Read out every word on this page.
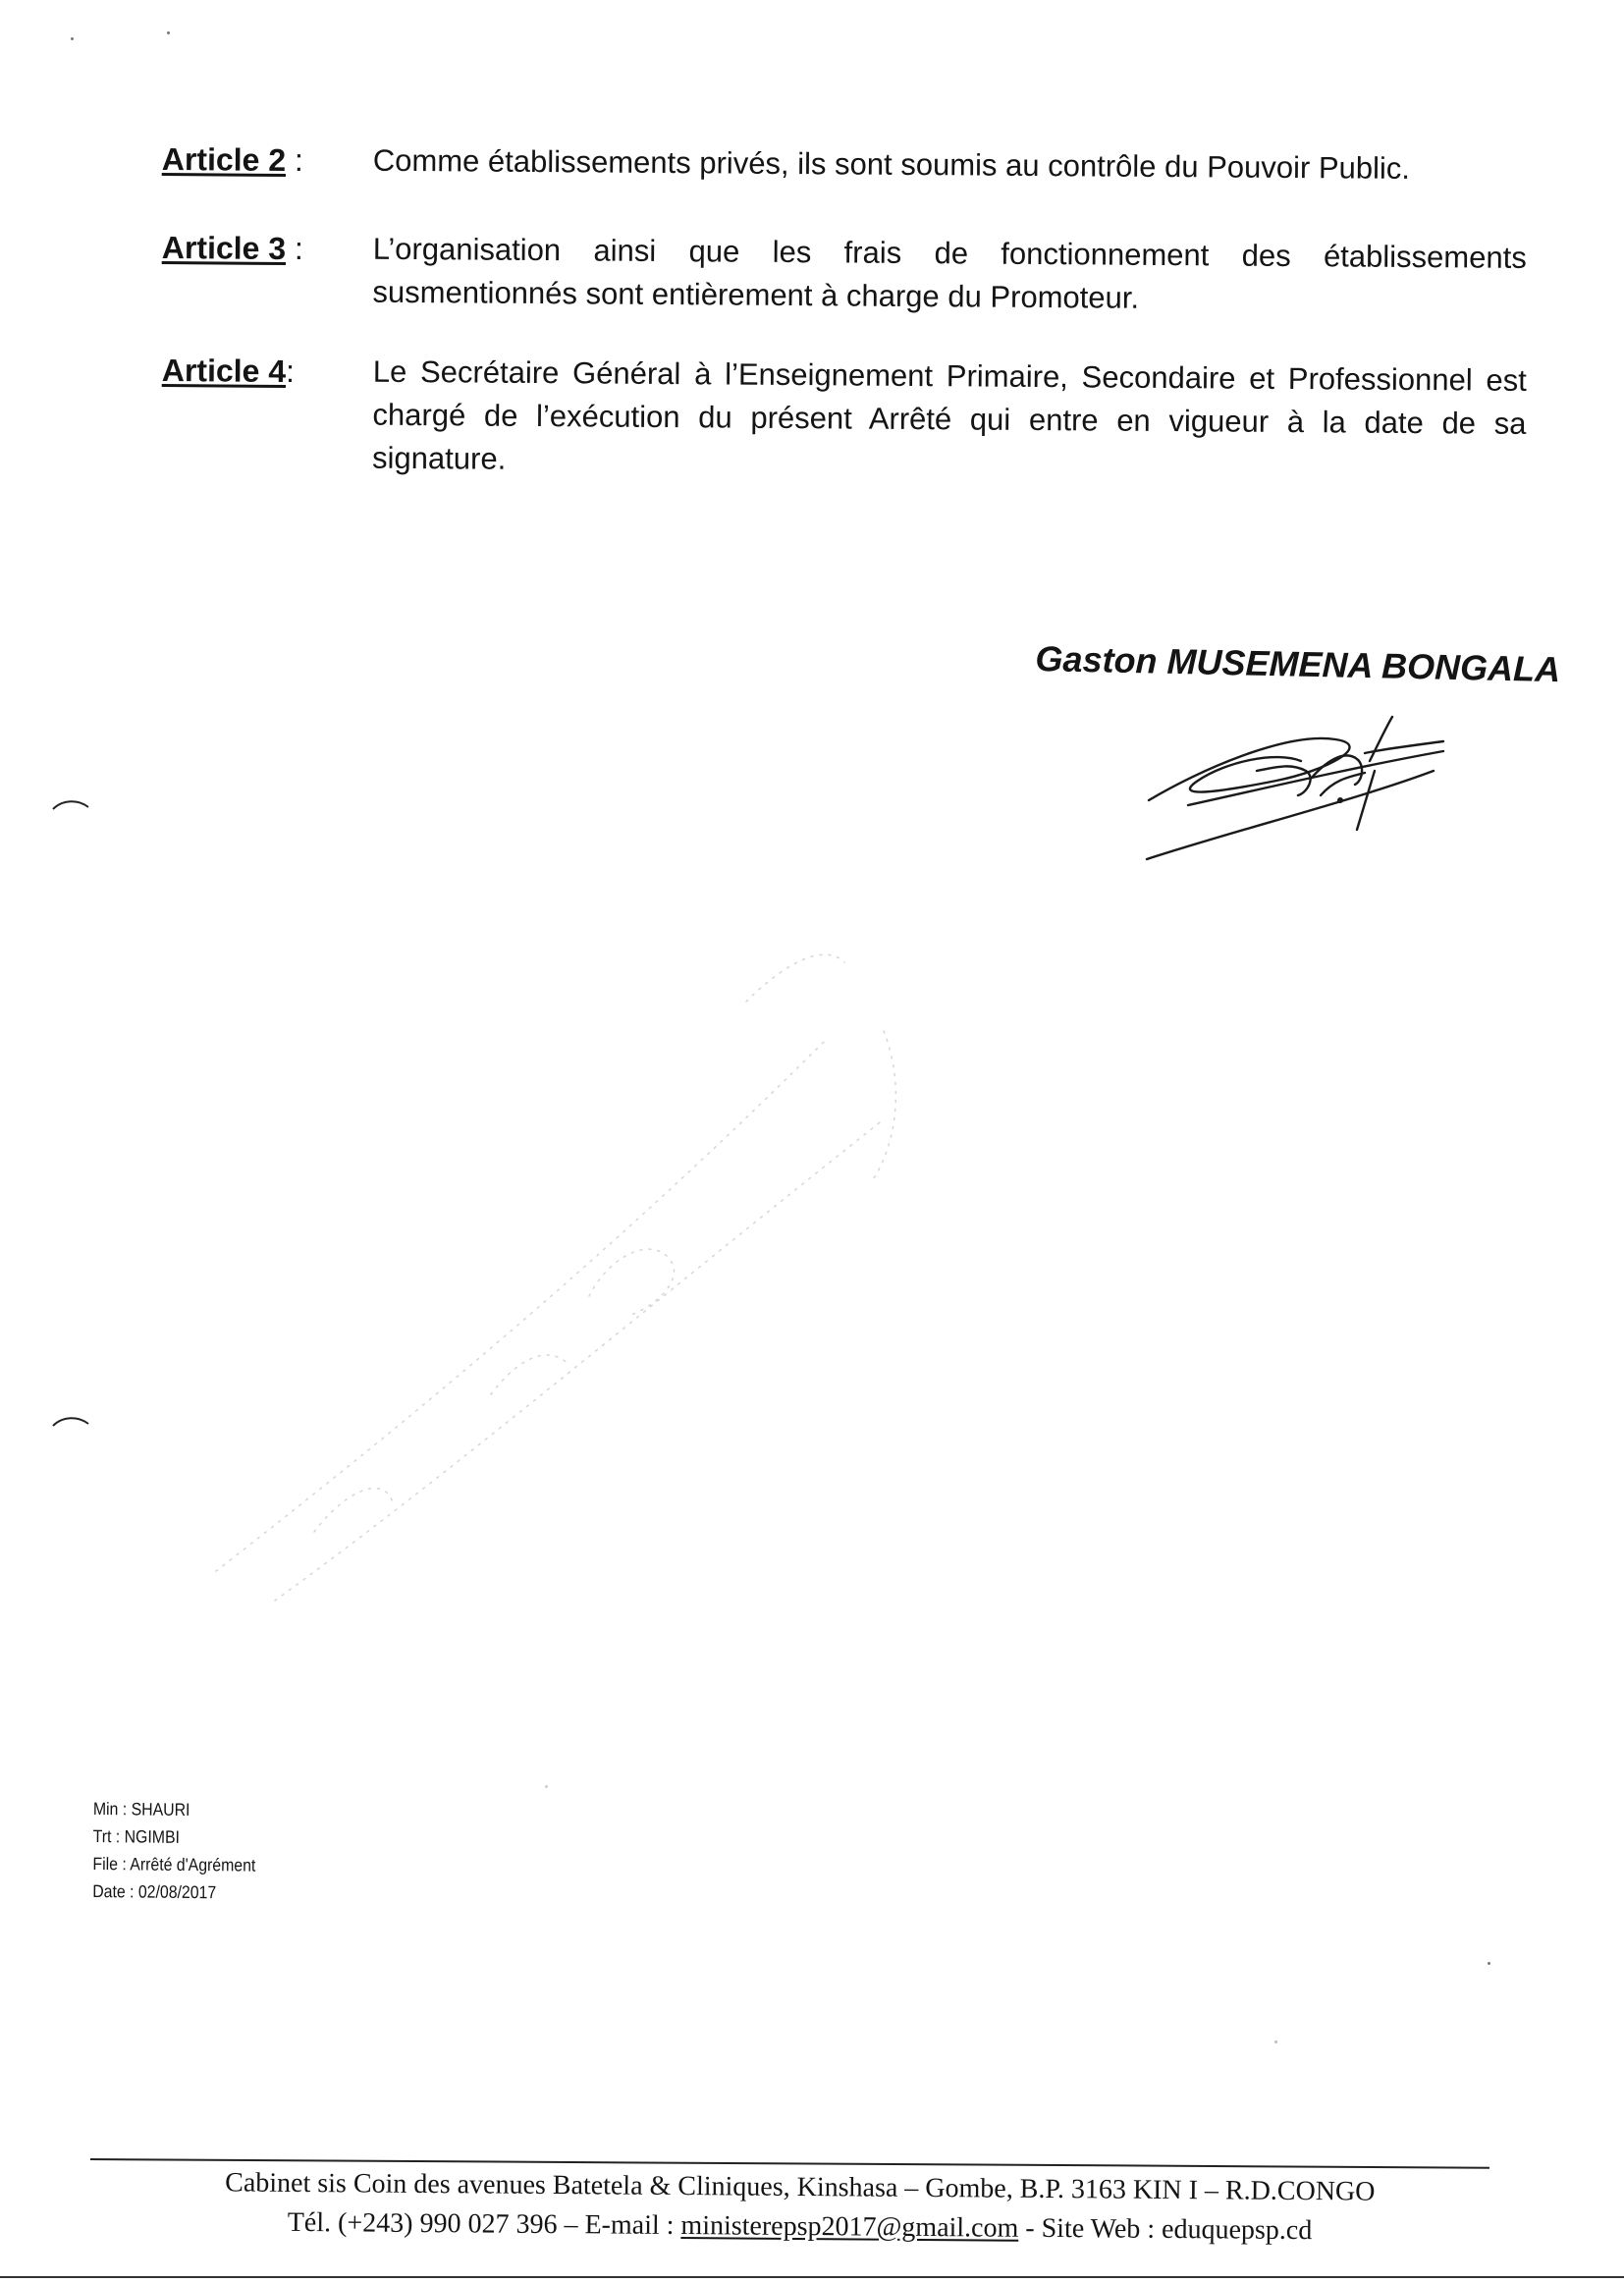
Article 2 :	Comme établissements privés, ils sont soumis au contrôle du Pouvoir Public.
Article 3 :	L’organisation ainsi que les frais de fonctionnement des établissements susmentionnés sont entièrement à charge du Promoteur.
Article 4:	Le Secrétaire Général à l’Enseignement Primaire, Secondaire et Professionnel est chargé de l’exécution du présent Arrêté qui entre en vigueur à la date de sa signature.
Gaston MUSEMENA BONGALA
Min : SHAURI
Trt : NGIMBI
File : Arrêté d'Agrément
Date : 02/08/2017
Cabinet sis Coin des avenues Batetela & Cliniques, Kinshasa – Gombe, B.P. 3163 KIN I – R.D.CONGO
Tél. (+243) 990 027 396 – E-mail : ministerepsp2017@gmail.com - Site Web : eduquepsp.cd
